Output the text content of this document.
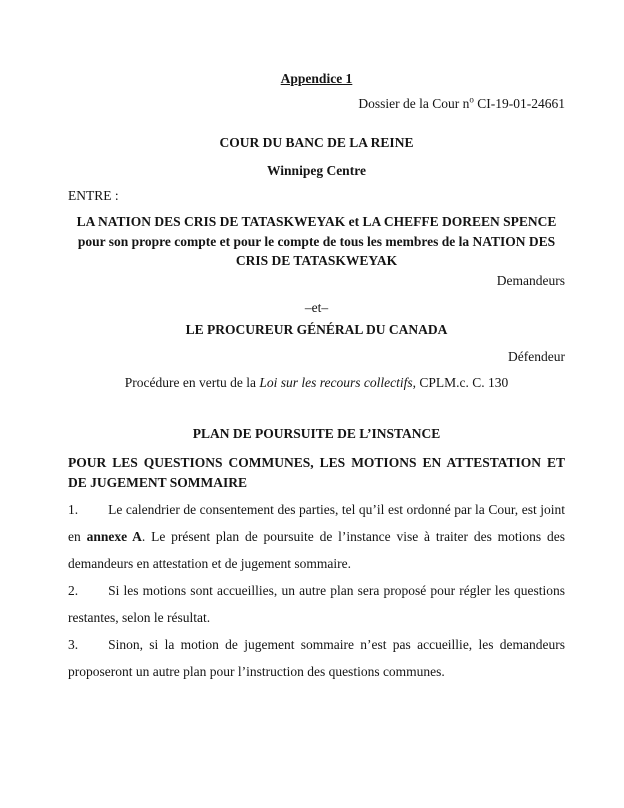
Appendice 1
Dossier de la Cour $n^o$ CI-19-01-24661
COUR DU BANC DE LA REINE
Winnipeg Centre
ENTRE :
LA NATION DES CRIS DE TATASKWEYAK et LA CHEFFE DOREEN SPENCE pour son propre compte et pour le compte de tous les membres de la NATION DES CRIS DE TATASKWEYAK
Demandeurs
–et–
LE PROCUREUR GÉNÉRAL DU CANADA
Défendeur
Procédure en vertu de la Loi sur les recours collectifs, CPLM.c. C. 130
PLAN DE POURSUITE DE L’INSTANCE
POUR LES QUESTIONS COMMUNES, LES MOTIONS EN ATTESTATION ET DE JUGEMENT SOMMAIRE

1. Le calendrier de consentement des parties, tel qu’il est ordonné par la Cour, est joint en annexe A. Le présent plan de poursuite de l’instance vise à traiter des motions des demandeurs en attestation et de jugement sommaire.

2. Si les motions sont accueillies, un autre plan sera proposé pour régler les questions restantes, selon le résultat.

3. Sinon, si la motion de jugement sommaire n’est pas accueillie, les demandeurs proposeront un autre plan pour l’instruction des questions communes.
